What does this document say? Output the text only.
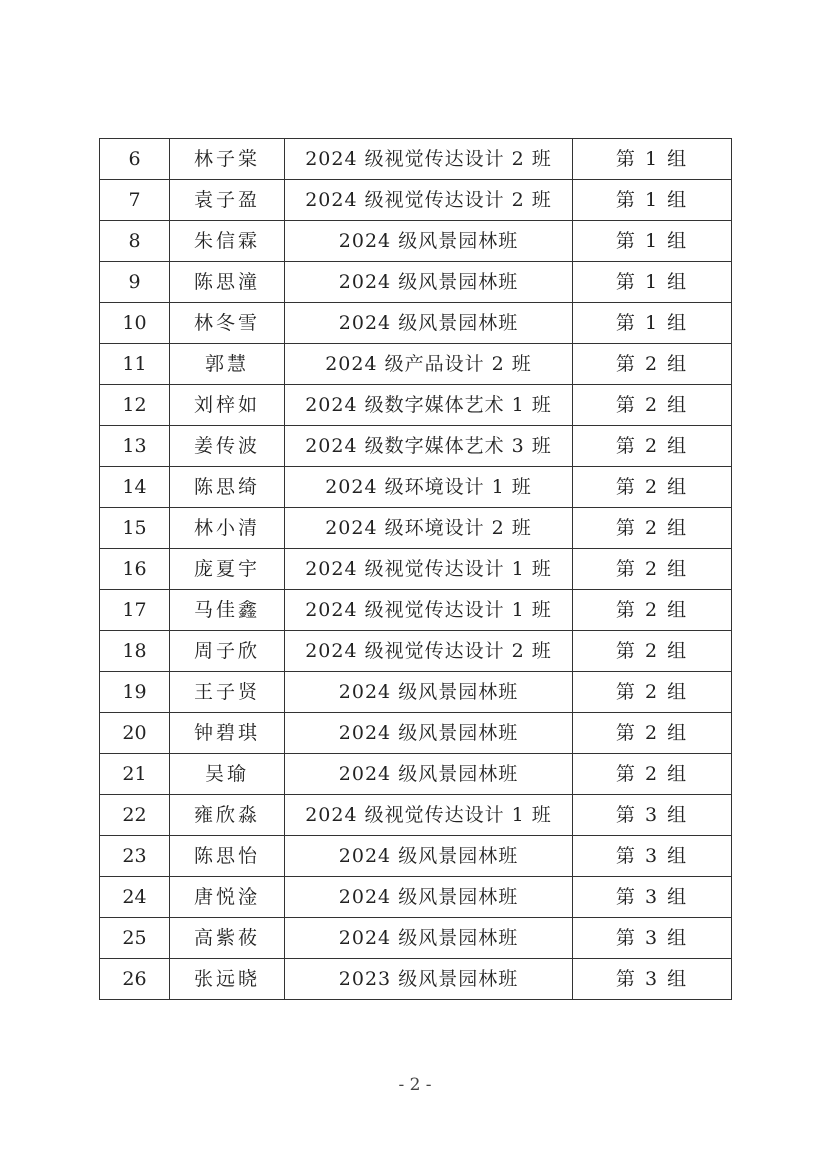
6	林子棠	2024 级视觉传达设计 2 班	第 1 组
7	袁子盈	2024 级视觉传达设计 2 班	第 1 组
8	朱信霖	2024 级风景园林班	第 1 组
9	陈思潼	2024 级风景园林班	第 1 组
10	林冬雪	2024 级风景园林班	第 1 组
11	郭慧	2024 级产品设计 2 班	第 2 组
12	刘梓如	2024 级数字媒体艺术 1 班	第 2 组
13	姜传波	2024 级数字媒体艺术 3 班	第 2 组
14	陈思绮	2024 级环境设计 1 班	第 2 组
15	林小清	2024 级环境设计 2 班	第 2 组
16	庞夏宇	2024 级视觉传达设计 1 班	第 2 组
17	马佳鑫	2024 级视觉传达设计 1 班	第 2 组
18	周子欣	2024 级视觉传达设计 2 班	第 2 组
19	王子贤	2024 级风景园林班	第 2 组
20	钟碧琪	2024 级风景园林班	第 2 组
21	吴瑜	2024 级风景园林班	第 2 组
22	雍欣淼	2024 级视觉传达设计 1 班	第 3 组
23	陈思怡	2024 级风景园林班	第 3 组
24	唐悦淦	2024 级风景园林班	第 3 组
25	高紫莜	2024 级风景园林班	第 3 组
26	张远晓	2023 级风景园林班	第 3 组
- 2 -
